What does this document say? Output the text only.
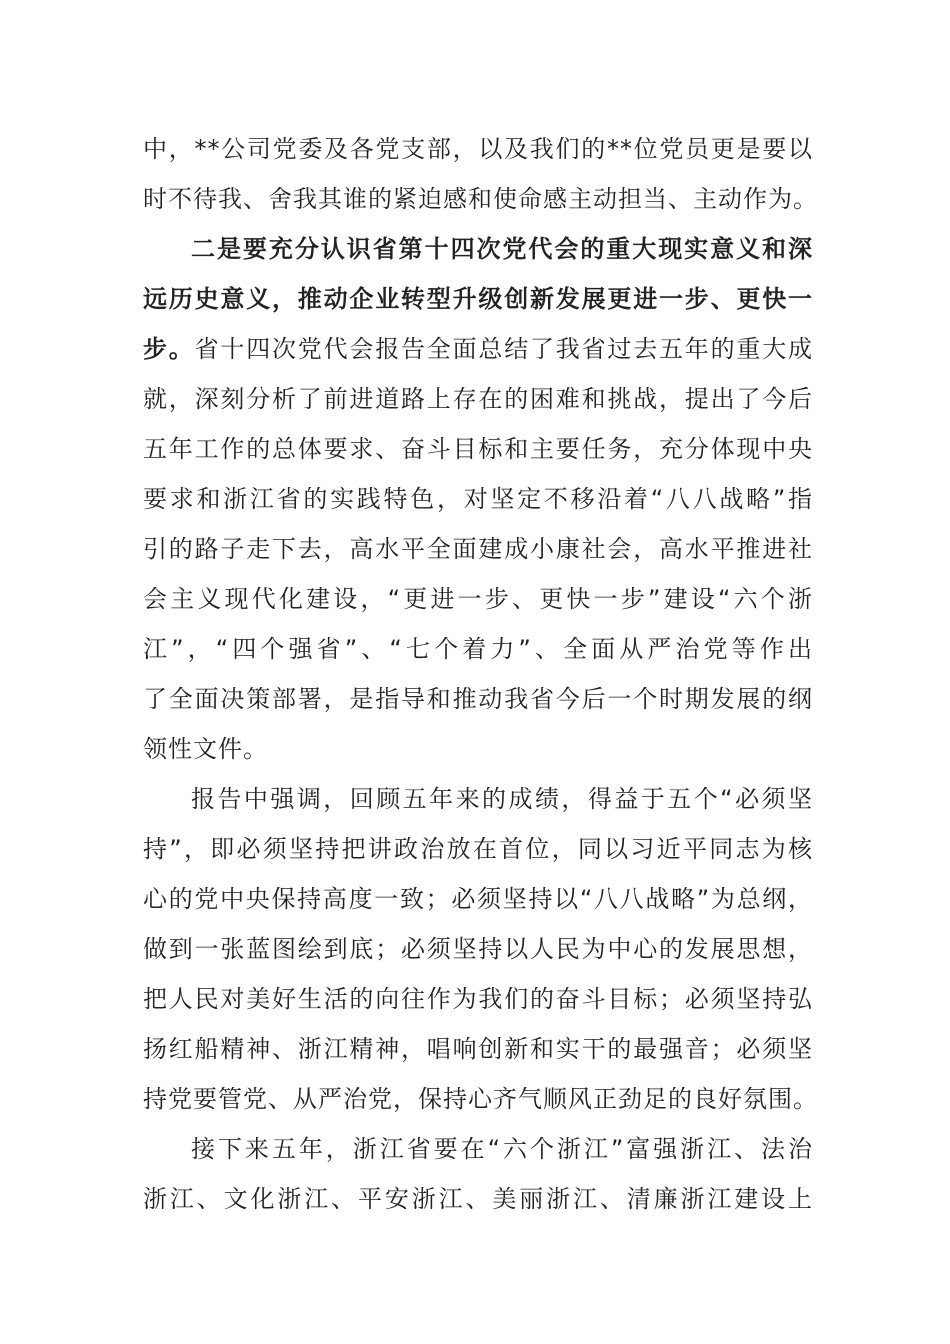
中，**公司党委及各党支部，以及我们的**位党员更是要以
时不待我、舍我其谁的紧迫感和使命感主动担当、主动作为。
二是要充分认识省第十四次党代会的重大现实意义和深
远历史意义，推动企业转型升级创新发展更进一步、更快一
步。省十四次党代会报告全面总结了我省过去五年的重大成
就，深刻分析了前进道路上存在的困难和挑战，提出了今后
五年工作的总体要求、奋斗目标和主要任务，充分体现中央
要求和浙江省的实践特色，对坚定不移沿着“八八战略”指
引的路子走下去，高水平全面建成小康社会，高水平推进社
会主义现代化建设，“更进一步、更快一步”建设“六个浙
江”，“四个强省”、“七个着力”、全面从严治党等作出
了全面决策部署，是指导和推动我省今后一个时期发展的纲
领性文件。
报告中强调，回顾五年来的成绩，得益于五个“必须坚
持”，即必须坚持把讲政治放在首位，同以习近平同志为核
心的党中央保持高度一致；必须坚持以“八八战略”为总纲，
做到一张蓝图绘到底；必须坚持以人民为中心的发展思想，
把人民对美好生活的向往作为我们的奋斗目标；必须坚持弘
扬红船精神、浙江精神，唱响创新和实干的最强音；必须坚
持党要管党、从严治党，保持心齐气顺风正劲足的良好氛围。
接下来五年，浙江省要在“六个浙江”富强浙江、法治
浙江、文化浙江、平安浙江、美丽浙江、清廉浙江建设上
